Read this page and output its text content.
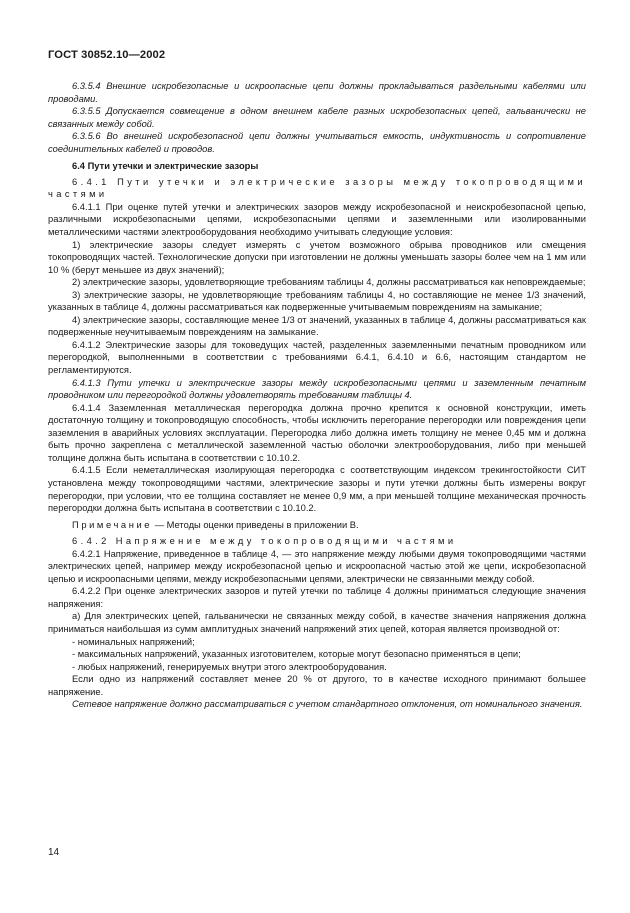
ГОСТ 30852.10—2002

6.3.5.4 Внешние искробезопасные и искроопасные цепи должны прокладываться раздельными кабелями или проводами.

6.3.5.5 Допускается совмещение в одном внешнем кабеле разных искробезопасных цепей, гальванически не связанных между собой.

6.3.5.6 Во внешней искробезопасной цепи должны учитываться емкость, индуктивность и сопротивление соединительных кабелей и проводов.

6.4 Пути утечки и электрические зазоры

6.4.1 Пути утечки и электрические зазоры между токопроводящими частями

6.4.1.1 При оценке путей утечки и электрических зазоров между искробезопасной и неискробезопасной цепью, различными искробезопасными цепями, искробезопасными цепями и заземленными или изолированными металлическими частями электрооборудования необходимо учитывать следующие условия:

1) электрические зазоры следует измерять с учетом возможного обрыва проводников или смещения токопроводящих частей. Технологические допуски при изготовлении не должны уменьшать зазоры более чем на 1 мм или 10 % (берут меньшее из двух значений);

2) электрические зазоры, удовлетворяющие требованиям таблицы 4, должны рассматриваться как неповреждаемые;

3) электрические зазоры, не удовлетворяющие требованиям таблицы 4, но составляющие не менее 1/3 значений, указанных в таблице 4, должны рассматриваться как подверженные учитываемым повреждениям на замыкание;

4) электрические зазоры, составляющие менее 1/3 от значений, указанных в таблице 4, должны рассматриваться как подверженные неучитываемым повреждениям на замыкание.

6.4.1.2 Электрические зазоры для токоведущих частей, разделенных заземленными печатным проводником или перегородкой, выполненными в соответствии с требованиями 6.4.1, 6.4.10 и 6.6, настоящим стандартом не регламентируются.

6.4.1.3 Пути утечки и электрические зазоры между искробезопасными цепями и заземленным печатным проводником или перегородкой должны удовлетворять требованиям таблицы 4.

6.4.1.4 Заземленная металлическая перегородка должна прочно крепится к основной конструкции, иметь достаточную толщину и токопроводящую способность, чтобы исключить перегорание перегородки или повреждения цепи заземления в аварийных условиях эксплуатации. Перегородка либо должна иметь толщину не менее 0,45 мм и должна быть прочно закреплена с металлической заземленной частью оболочки электрооборудования, либо при меньшей толщине должна быть испытана в соответствии с 10.10.2.

6.4.1.5 Если неметаллическая изолирующая перегородка с соответствующим индексом трекингостойкости СИТ установлена между токопроводящими частями, электрические зазоры и пути утечки должны быть измерены вокруг перегородки, при условии, что ее толщина составляет не менее 0,9 мм, а при меньшей толщине механическая прочность перегородки должна быть испытана в соответствии с 10.10.2.

Примечание — Методы оценки приведены в приложении В.

6.4.2 Напряжение между токопроводящими частями

6.4.2.1 Напряжение, приведенное в таблице 4, — это напряжение между любыми двумя токопроводящими частями электрических цепей, например между искробезопасной цепью и искроопасной частью этой же цепи, искробезопасной цепью и искроопасными цепями, между искробезопасными цепями, электрически не связанными между собой.

6.4.2.2 При оценке электрических зазоров и путей утечки по таблице 4 должны приниматься следующие значения напряжения:

а) Для электрических цепей, гальванически не связанных между собой, в качестве значения напряжения должна приниматься наибольшая из сумм амплитудных значений напряжений этих цепей, которая является производной от:

- номинальных напряжений;

- максимальных напряжений, указанных изготовителем, которые могут безопасно применяться в цепи;

- любых напряжений, генерируемых внутри этого электрооборудования.

Если одно из напряжений составляет менее 20 % от другого, то в качестве исходного принимают большее напряжение.

Сетевое напряжение должно рассматриваться с учетом стандартного отклонения, от номинального значения.

14
